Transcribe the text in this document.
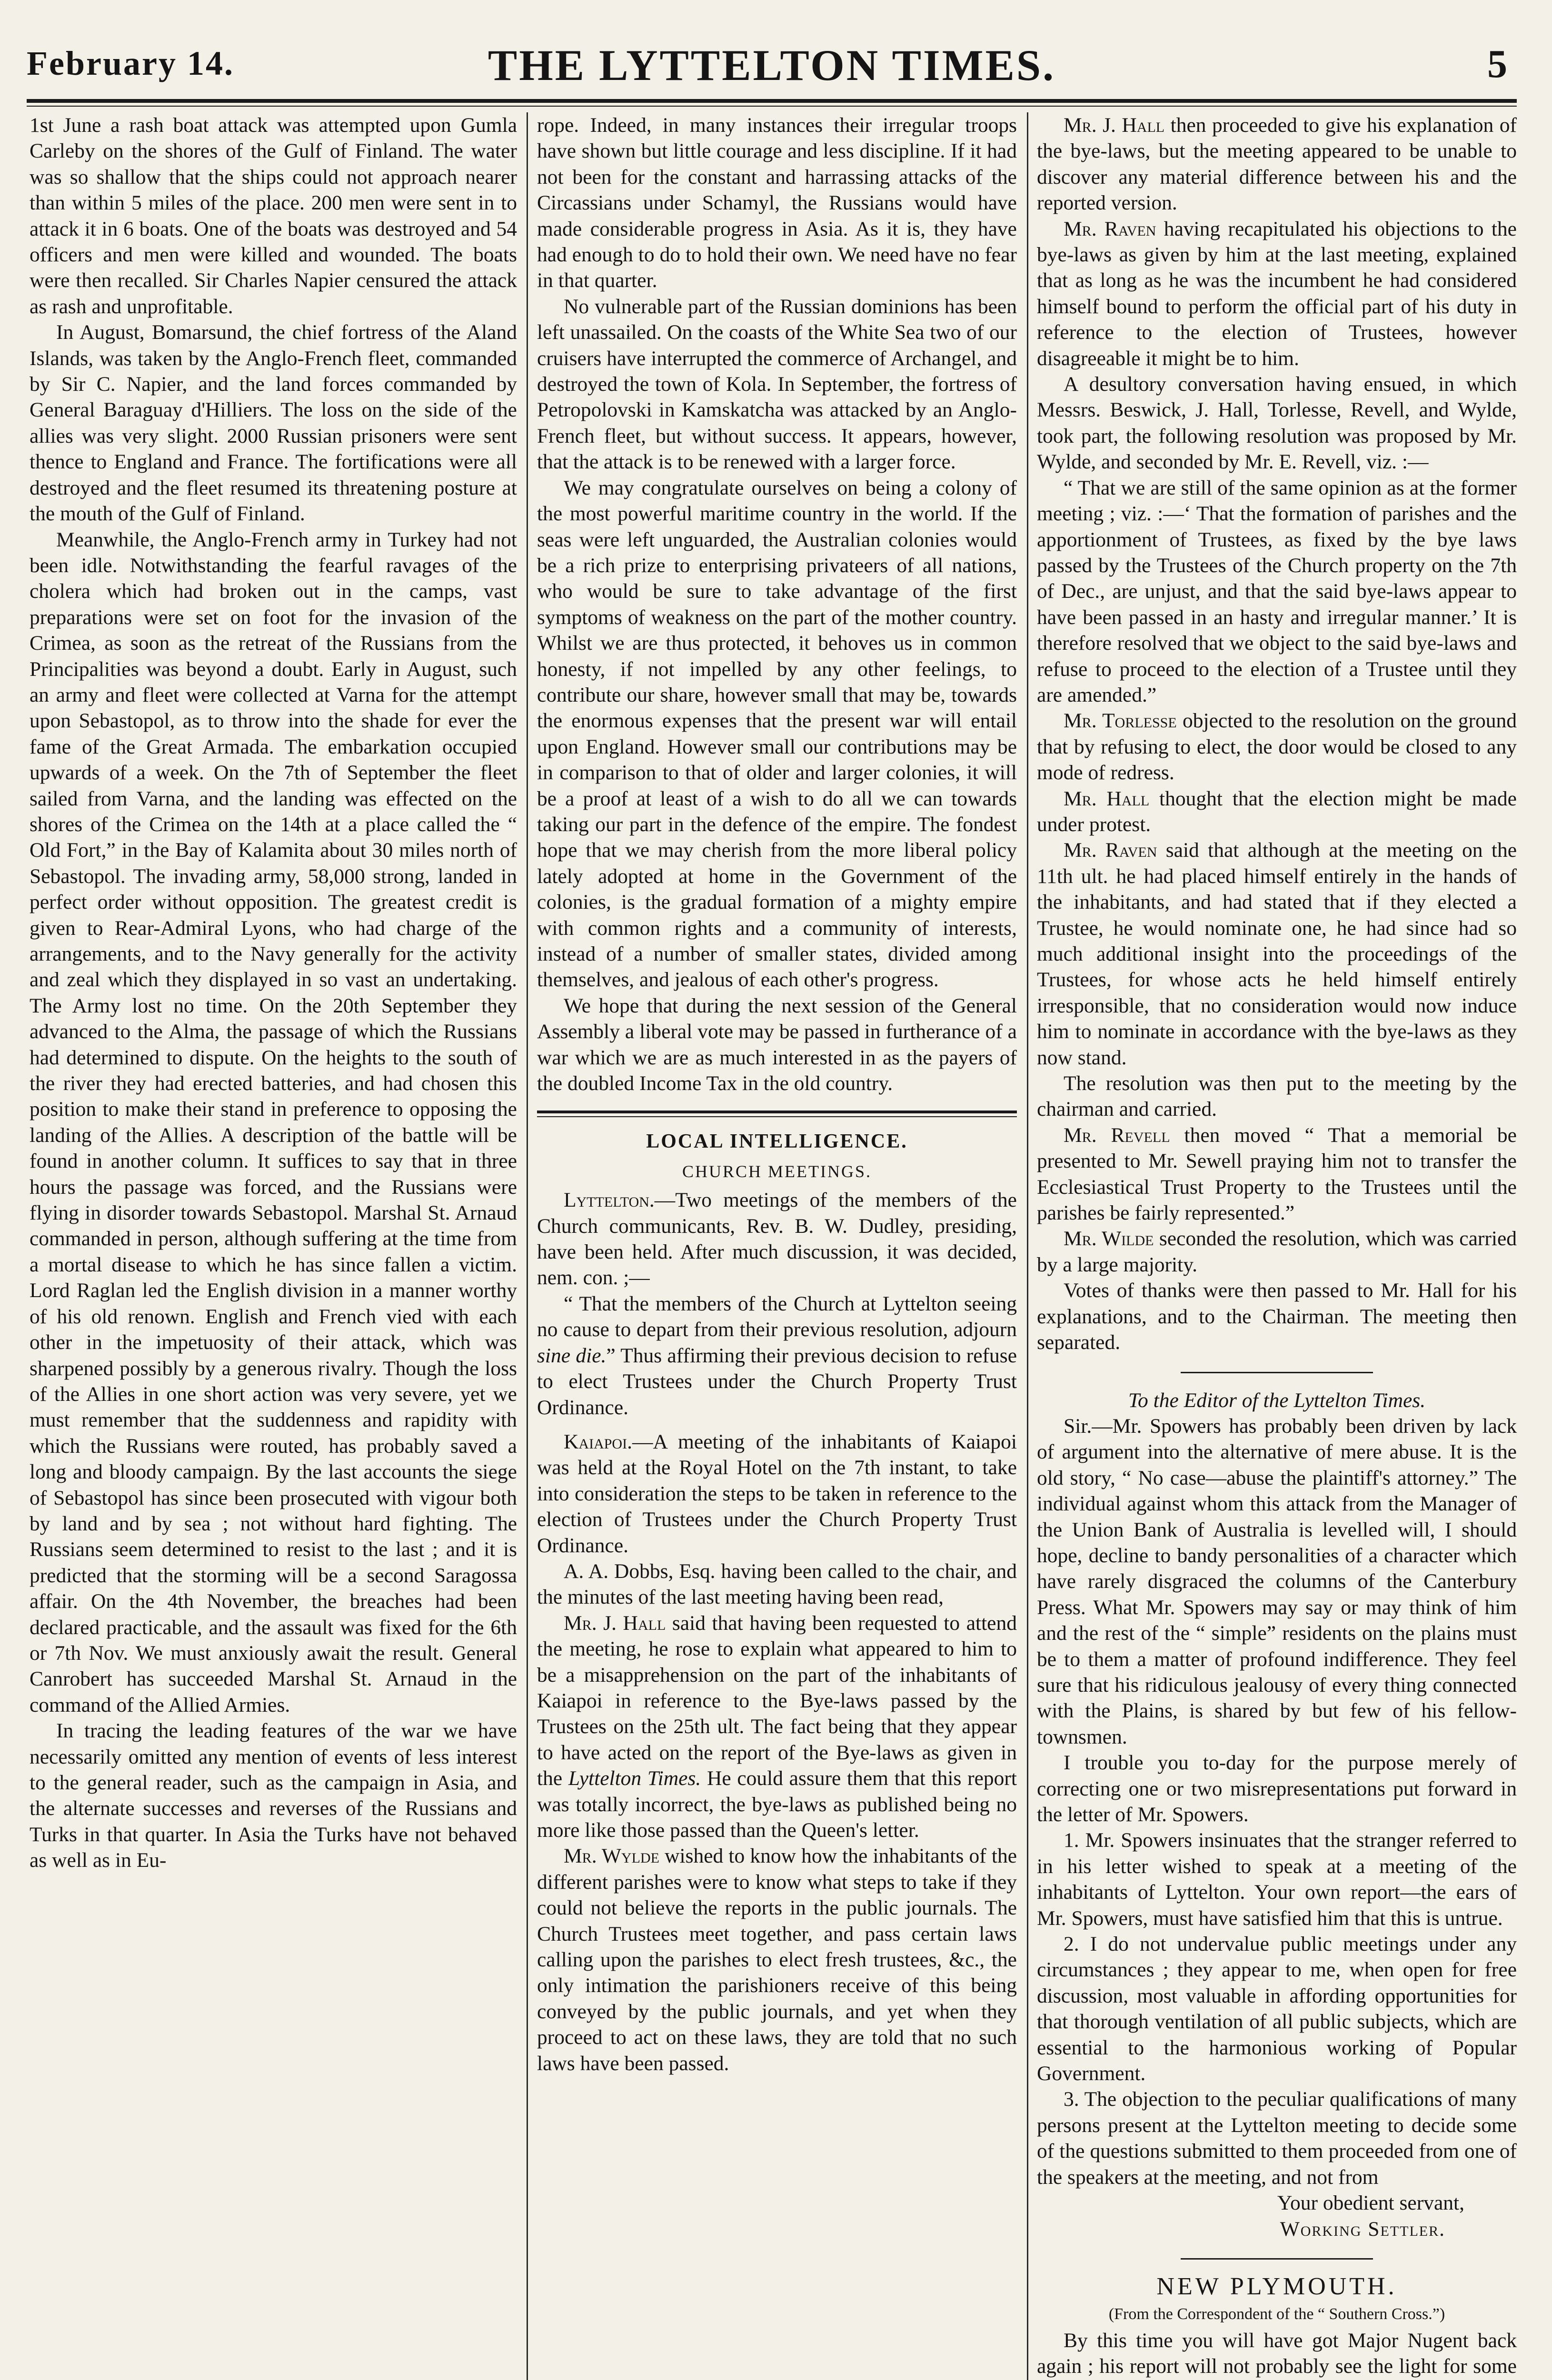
February 14.	THE LYTTELTON TIMES.	5

1st June a rash boat attack was attempted upon Gumla Carleby on the shores of the Gulf of Finland. The water was so shallow that the ships could not approach nearer than within 5 miles of the place. 200 men were sent in to attack it in 6 boats. One of the boats was destroyed and 54 officers and men were killed and wounded. The boats were then recalled. Sir Charles Napier censured the attack as rash and unprofitable.

In August, Bomarsund, the chief fortress of the Aland Islands, was taken by the Anglo-French fleet, commanded by Sir C. Napier, and the land forces commanded by General Baraguay d'Hilliers. The loss on the side of the allies was very slight. 2000 Russian prisoners were sent thence to England and France. The fortifications were all destroyed and the fleet resumed its threatening posture at the mouth of the Gulf of Finland.

Meanwhile, the Anglo-French army in Turkey had not been idle. Notwithstanding the fearful ravages of the cholera which had broken out in the camps, vast preparations were set on foot for the invasion of the Crimea, as soon as the retreat of the Russians from the Principalities was beyond a doubt. Early in August, such an army and fleet were collected at Varna for the attempt upon Sebastopol, as to throw into the shade for ever the fame of the Great Armada. The embarkation occupied upwards of a week. On the 7th of September the fleet sailed from Varna, and the landing was effected on the shores of the Crimea on the 14th at a place called the “ Old Fort,” in the Bay of Kalamita about 30 miles north of Sebastopol. The invading army, 58,000 strong, landed in perfect order without opposition. The greatest credit is given to Rear-Admiral Lyons, who had charge of the arrangements, and to the Navy generally for the activity and zeal which they displayed in so vast an undertaking. The Army lost no time. On the 20th September they advanced to the Alma, the passage of which the Russians had determined to dispute. On the heights to the south of the river they had erected batteries, and had chosen this position to make their stand in preference to opposing the landing of the Allies. A description of the battle will be found in another column. It suffices to say that in three hours the passage was forced, and the Russians were flying in disorder towards Sebastopol. Marshal St. Arnaud commanded in person, although suffering at the time from a mortal disease to which he has since fallen a victim. Lord Raglan led the English division in a manner worthy of his old renown. English and French vied with each other in the impetuosity of their attack, which was sharpened possibly by a generous rivalry. Though the loss of the Allies in one short action was very severe, yet we must remember that the suddenness and rapidity with which the Russians were routed, has probably saved a long and bloody campaign. By the last accounts the siege of Sebastopol has since been prosecuted with vigour both by land and by sea ; not without hard fighting. The Russians seem determined to resist to the last ; and it is predicted that the storming will be a second Saragossa affair. On the 4th November, the breaches had been declared practicable, and the assault was fixed for the 6th or 7th Nov. We must anxiously await the result. General Canrobert has succeeded Marshal St. Arnaud in the command of the Allied Armies.

In tracing the leading features of the war we have necessarily omitted any mention of events of less interest to the general reader, such as the campaign in Asia, and the alternate successes and reverses of the Russians and Turks in that quarter. In Asia the Turks have not behaved as well as in Eu-

rope. Indeed, in many instances their irregular troops have shown but little courage and less discipline. If it had not been for the constant and harrassing attacks of the Circassians under Schamyl, the Russians would have made considerable progress in Asia. As it is, they have had enough to do to hold their own. We need have no fear in that quarter.

No vulnerable part of the Russian dominions has been left unassailed. On the coasts of the White Sea two of our cruisers have interrupted the commerce of Archangel, and destroyed the town of Kola. In September, the fortress of Petropolovski in Kamskatcha was attacked by an Anglo-French fleet, but without success. It appears, however, that the attack is to be renewed with a larger force.

We may congratulate ourselves on being a colony of the most powerful maritime country in the world. If the seas were left unguarded, the Australian colonies would be a rich prize to enterprising privateers of all nations, who would be sure to take advantage of the first symptoms of weakness on the part of the mother country. Whilst we are thus protected, it behoves us in common honesty, if not impelled by any other feelings, to contribute our share, however small that may be, towards the enormous expenses that the present war will entail upon England. However small our contributions may be in comparison to that of older and larger colonies, it will be a proof at least of a wish to do all we can towards taking our part in the defence of the empire. The fondest hope that we may cherish from the more liberal policy lately adopted at home in the Government of the colonies, is the gradual formation of a mighty empire with common rights and a community of interests, instead of a number of smaller states, divided among themselves, and jealous of each other's progress.

We hope that during the next session of the General Assembly a liberal vote may be passed in furtherance of a war which we are as much interested in as the payers of the doubled Income Tax in the old country.

LOCAL INTELLIGENCE.

CHURCH MEETINGS.

Lyttelton.—Two meetings of the members of the Church communicants, Rev. B. W. Dudley, presiding, have been held. After much discussion, it was decided, nem. con. ;—

“ That the members of the Church at Lyttelton seeing no cause to depart from their previous resolution, adjourn sine die.” Thus affirming their previous decision to refuse to elect Trustees under the Church Property Trust Ordinance.

Kaiapoi.—A meeting of the inhabitants of Kaiapoi was held at the Royal Hotel on the 7th instant, to take into consideration the steps to be taken in reference to the election of Trustees under the Church Property Trust Ordinance.

A. A. Dobbs, Esq. having been called to the chair, and the minutes of the last meeting having been read,

Mr. J. Hall said that having been requested to attend the meeting, he rose to explain what appeared to him to be a misapprehension on the part of the inhabitants of Kaiapoi in reference to the Bye-laws passed by the Trustees on the 25th ult. The fact being that they appear to have acted on the report of the Bye-laws as given in the Lyttelton Times. He could assure them that this report was totally incorrect, the bye-laws as published being no more like those passed than the Queen's letter.

Mr. Wylde wished to know how the inhabitants of the different parishes were to know what steps to take if they could not believe the reports in the public journals. The Church Trustees meet together, and pass certain laws calling upon the parishes to elect fresh trustees, &c., the only intimation the parishioners receive of this being conveyed by the public journals, and yet when they proceed to act on these laws, they are told that no such laws have been passed.

Mr. J. Hall then proceeded to give his explanation of the bye-laws, but the meeting appeared to be unable to discover any material difference between his and the reported version.

Mr. Raven having recapitulated his objections to the bye-laws as given by him at the last meeting, explained that as long as he was the incumbent he had considered himself bound to perform the official part of his duty in reference to the election of Trustees, however disagreeable it might be to him.

A desultory conversation having ensued, in which Messrs. Beswick, J. Hall, Torlesse, Revell, and Wylde, took part, the following resolution was proposed by Mr. Wylde, and seconded by Mr. E. Revell, viz. :—

“ That we are still of the same opinion as at the former meeting ; viz. :—‘ That the formation of parishes and the apportionment of Trustees, as fixed by the bye laws passed by the Trustees of the Church property on the 7th of Dec., are unjust, and that the said bye-laws appear to have been passed in an hasty and irregular manner.’ It is therefore resolved that we object to the said bye-laws and refuse to proceed to the election of a Trustee until they are amended.”

Mr. Torlesse objected to the resolution on the ground that by refusing to elect, the door would be closed to any mode of redress.

Mr. Hall thought that the election might be made under protest.

Mr. Raven said that although at the meeting on the 11th ult. he had placed himself entirely in the hands of the inhabitants, and had stated that if they elected a Trustee, he would nominate one, he had since had so much additional insight into the proceedings of the Trustees, for whose acts he held himself entirely irresponsible, that no consideration would now induce him to nominate in accordance with the bye-laws as they now stand.

The resolution was then put to the meeting by the chairman and carried.

Mr. Revell then moved “ That a memorial be presented to Mr. Sewell praying him not to transfer the Ecclesiastical Trust Property to the Trustees until the parishes be fairly represented.”

Mr. Wilde seconded the resolution, which was carried by a large majority.

Votes of thanks were then passed to Mr. Hall for his explanations, and to the Chairman. The meeting then separated.

To the Editor of the Lyttelton Times.

Sir.—Mr. Spowers has probably been driven by lack of argument into the alternative of mere abuse. It is the old story, “ No case—abuse the plaintiff's attorney.” The individual against whom this attack from the Manager of the Union Bank of Australia is levelled will, I should hope, decline to bandy personalities of a character which have rarely disgraced the columns of the Canterbury Press. What Mr. Spowers may say or may think of him and the rest of the “ simple” residents on the plains must be to them a matter of profound indifference. They feel sure that his ridiculous jealousy of every thing connected with the Plains, is shared by but few of his fellow-townsmen.

I trouble you to-day for the purpose merely of correcting one or two misrepresentations put forward in the letter of Mr. Spowers.

1. Mr. Spowers insinuates that the stranger referred to in his letter wished to speak at a meeting of the inhabitants of Lyttelton. Your own report—the ears of Mr. Spowers, must have satisfied him that this is untrue.

2. I do not undervalue public meetings under any circumstances ; they appear to me, when open for free discussion, most valuable in affording opportunities for that thorough ventilation of all public subjects, which are essential to the harmonious working of Popular Government.

3. The objection to the peculiar qualifications of many persons present at the Lyttelton meeting to decide some of the questions submitted to them proceeded from one of the speakers at the meeting, and not from

Your obedient servant,

Working Settler.

NEW PLYMOUTH.

(From the Correspondent of the “ Southern Cross.”)

By this time you will have got Major Nugent back again ; his report will not probably see the light for some
